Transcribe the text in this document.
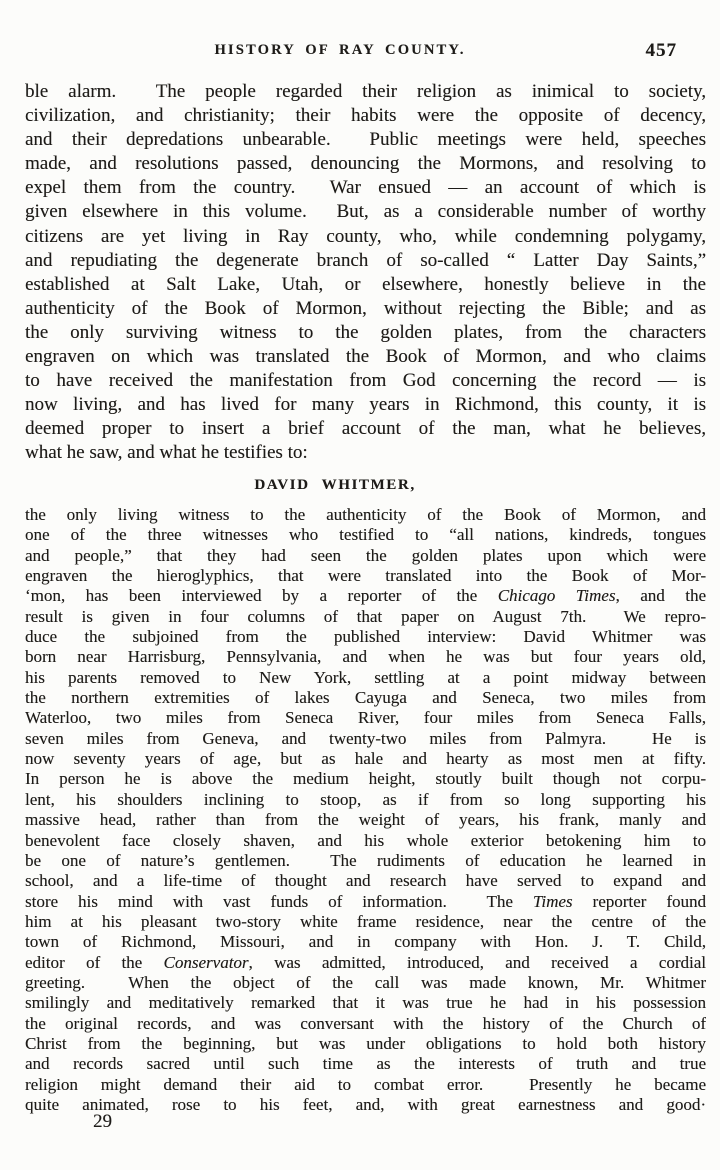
HISTORY OF RAY COUNTY.	457
ble alarm.  The people regarded their religion as inimical to society,
civilization, and christianity; their habits were the opposite of decency,
and their depredations unbearable.  Public meetings were held, speeches
made, and resolutions passed, denouncing the Mormons, and resolving to
expel them from the country.  War ensued — an account of which is
given elsewhere in this volume.  But, as a considerable number of worthy
citizens are yet living in Ray county, who, while condemning polygamy,
and repudiating the degenerate branch of so-called “ Latter Day Saints,”
established at Salt Lake, Utah, or elsewhere, honestly believe in the
authenticity of the Book of Mormon, without rejecting the Bible; and as
the only surviving witness to the golden plates, from the characters
engraven on which was translated the Book of Mormon, and who claims
to have received the manifestation from God concerning the record — is
now living, and has lived for many years in Richmond, this county, it is
deemed proper to insert a brief account of the man, what he believes,
what he saw, and what he testifies to:
DAVID WHITMER,
the only living witness to the authenticity of the Book of Mormon, and
one of the three witnesses who testified to “all nations, kindreds, tongues
and people,” that they had seen the golden plates upon which were
engraven the hieroglyphics, that were translated into the Book of Mor-
‘mon, has been interviewed by a reporter of the Chicago Times, and the
result is given in four columns of that paper on August 7th.  We repro-
duce the subjoined from the published interview: David Whitmer was
born near Harrisburg, Pennsylvania, and when he was but four years old,
his parents removed to New York, settling at a point midway between
the northern extremities of lakes Cayuga and Seneca, two miles from
Waterloo, two miles from Seneca River, four miles from Seneca Falls,
seven miles from Geneva, and twenty-two miles from Palmyra.  He is
now seventy years of age, but as hale and hearty as most men at fifty.
In person he is above the medium height, stoutly built though not corpu-
lent, his shoulders inclining to stoop, as if from so long supporting his
massive head, rather than from the weight of years, his frank, manly and
benevolent face closely shaven, and his whole exterior betokening him to
be one of nature’s gentlemen.  The rudiments of education he learned in
school, and a life-time of thought and research have served to expand and
store his mind with vast funds of information.  The Times reporter found
him at his pleasant two-story white frame residence, near the centre of the
town of Richmond, Missouri, and in company with Hon. J. T. Child,
editor of the Conservator, was admitted, introduced, and received a cordial
greeting.  When the object of the call was made known, Mr. Whitmer
smilingly and meditatively remarked that it was true he had in his possession
the original records, and was conversant with the history of the Church of
Christ from the beginning, but was under obligations to hold both history
and records sacred until such time as the interests of truth and true
religion might demand their aid to combat error.  Presently he became
quite animated, rose to his feet, and, with great earnestness and good·
29
